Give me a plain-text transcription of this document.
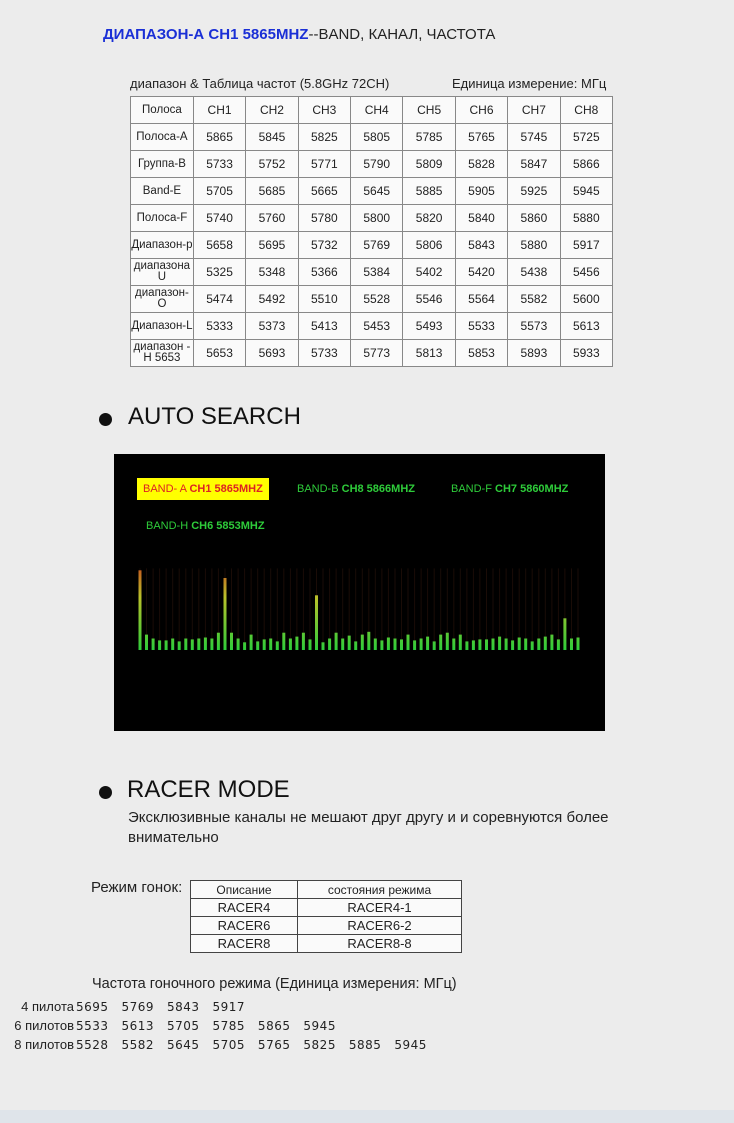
ДИАПАЗОН-А CH1 5865MHZ--BAND, КАНАЛ, ЧАСТОТА
диапазон & Таблица частот (5.8GHz 72CH)	Единица измерение: МГц
Полоса	CH1	CH2	CH3	CH4	CH5	CH6	CH7	CH8
Полоса-А	5865	5845	5825	5805	5785	5765	5745	5725
Группа-B	5733	5752	5771	5790	5809	5828	5847	5866
Band-E	5705	5685	5665	5645	5885	5905	5925	5945
Полоса-F	5740	5760	5780	5800	5820	5840	5860	5880
Диапазон-р	5658	5695	5732	5769	5806	5843	5880	5917
диапазона U	5325	5348	5366	5384	5402	5420	5438	5456
диапазон-O	5474	5492	5510	5528	5546	5564	5582	5600
Диапазон-L	5333	5373	5413	5453	5493	5533	5573	5613
диапазон -H 5653	5653	5693	5733	5773	5813	5853	5893	5933
AUTO SEARCH
BAND- A CH1 5865MHZ	BAND-B CH8 5866MHZ	BAND-F CH7 5860MHZ
BAND-H CH6 5853MHZ
RACER MODE
Эксклюзивные каналы не мешают друг другу и и соревнуются более внимательно
Режим гонок:	Описание	состояния режима
RACER4	RACER4-1
RACER6	RACER6-2
RACER8	RACER8-8
Частота гоночного режима (Единица измерения: МГц)
4 пилота 5695   5769   5843   5917
6 пилотов 5533   5613   5705   5785   5865   5945
8 пилотов 5528   5582   5645   5705   5765   5825   5885   5945
